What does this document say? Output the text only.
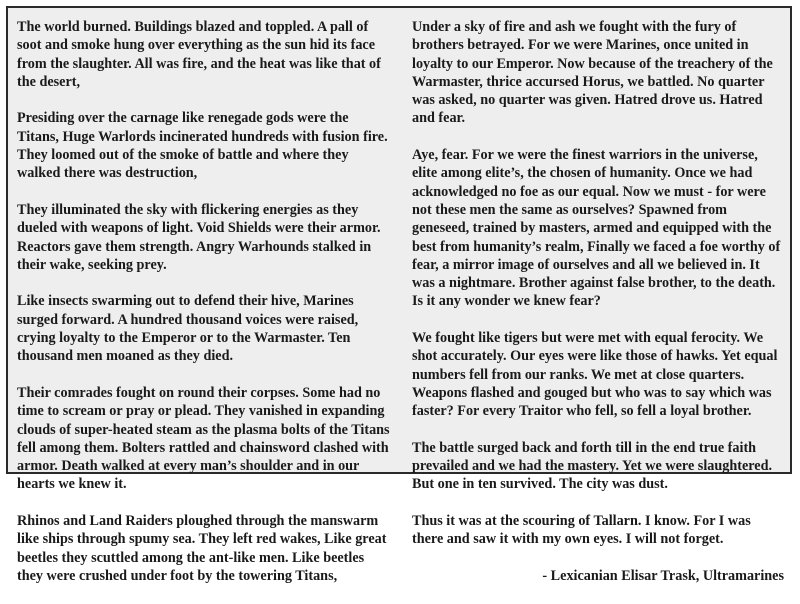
The world burned. Buildings blazed and toppled. A pall of soot and smoke hung over everything as the sun hid its face from the slaughter. All was fire, and the heat was like that of the desert,

Presiding over the carnage like renegade gods were the Titans, Huge Warlords incinerated hundreds with fusion fire. They loomed out of the smoke of battle and where they walked there was destruction,

They illuminated the sky with flickering energies as they dueled with weapons of light. Void Shields were their armor. Reactors gave them strength. Angry Warhounds stalked in their wake, seeking prey.

Like insects swarming out to defend their hive, Marines surged forward. A hundred thousand voices were raised, crying loyalty to the Emperor or to the Warmaster. Ten thousand men moaned as they died.

Their comrades fought on round their corpses. Some had no time to scream or pray or plead. They vanished in expanding clouds of super-heated steam as the plasma bolts of the Titans fell among them. Bolters rattled and chainsword clashed with armor. Death walked at every man’s shoulder and in our hearts we knew it.

Rhinos and Land Raiders ploughed through the manswarm like ships through spumy sea. They left red wakes, Like great beetles they scuttled among the ant-like men. Like beetles they were crushed under foot by the towering Titans,

Under a sky of fire and ash we fought with the fury of brothers betrayed. For we were Marines, once united in loyalty to our Emperor. Now because of the treachery of the Warmaster, thrice accursed Horus, we battled. No quarter was asked, no quarter was given. Hatred drove us. Hatred and fear.

Aye, fear. For we were the finest warriors in the universe, elite among elite’s, the chosen of humanity. Once we had acknowledged no foe as our equal. Now we must - for were not these men the same as ourselves? Spawned from geneseed, trained by masters, armed and equipped with the best from humanity’s realm, Finally we faced a foe worthy of fear, a mirror image of ourselves and all we believed in. It was a nightmare. Brother against false brother, to the death. Is it any wonder we knew fear?

We fought like tigers but were met with equal ferocity. We shot accurately. Our eyes were like those of hawks. Yet equal numbers fell from our ranks. We met at close quarters. Weapons flashed and gouged but who was to say which was faster? For every Traitor who fell, so fell a loyal brother.

The battle surged back and forth till in the end true faith prevailed and we had the mastery. Yet we were slaughtered. But one in ten survived. The city was dust.

Thus it was at the scouring of Tallarn. I know. For I was there and saw it with my own eyes. I will not forget.

- Lexicanian Elisar Trask, Ultramarines
